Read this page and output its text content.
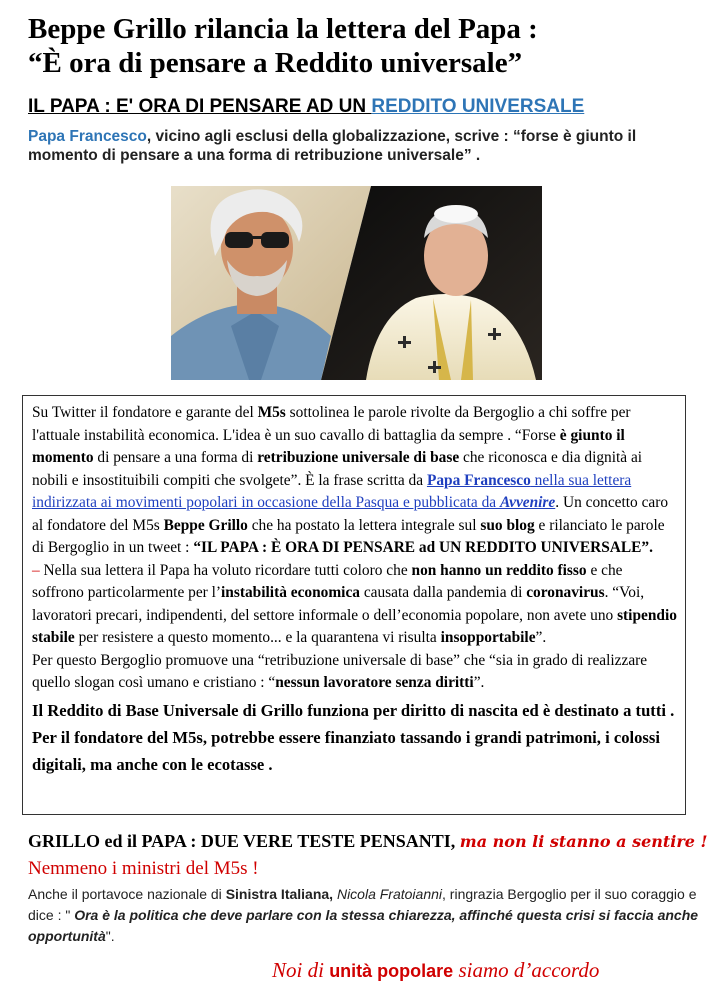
Beppe Grillo rilancia la lettera del Papa :
“È ora di pensare a Reddito universale”
IL PAPA : E' ORA DI PENSARE AD UN REDDITO UNIVERSALE
Papa Francesco, vicino agli esclusi della globalizzazione, scrive : “forse è giunto il momento di pensare a una forma di retribuzione universale” .

Su Twitter il fondatore e garante del M5s sottolinea le parole rivolte da Bergoglio a chi soffre per l'attuale instabilità economica. L'idea è un suo cavallo di battaglia da sempre . “Forse è giunto il momento di pensare a una forma di retribuzione universale di base che riconosca e dia dignità ai nobili e insostituibili compiti che svolgete”. È la frase scritta da Papa Francesco nella sua lettera indirizzata ai movimenti popolari in occasione della Pasqua e pubblicata da Avvenire. Un concetto caro al fondatore del M5s Beppe Grillo che ha postato la lettera integrale sul suo blog e rilanciato le parole di Bergoglio in un tweet : “IL PAPA : È ORA DI PENSARE ad UN REDDITO UNIVERSALE”.

– Nella sua lettera il Papa ha voluto ricordare tutti coloro che non hanno un reddito fisso e che soffrono particolarmente per l’instabilità economica causata dalla pandemia di coronavirus. “Voi, lavoratori precari, indipendenti, del settore informale o dell’economia popolare, non avete uno stipendio stabile per resistere a questo momento... e la quarantena vi risulta insopportabile”.

Per questo Bergoglio promuove una “retribuzione universale di base” che “sia in grado di realizzare quello slogan così umano e cristiano : “nessun lavoratore senza diritti”.

Il Reddito di Base Universale di Grillo funziona per diritto di nascita ed è destinato a tutti . Per il fondatore del M5s, potrebbe essere finanziato tassando i grandi patrimoni, i colossi digitali, ma anche con le ecotasse .

GRILLO ed il PAPA : DUE VERE TESTE PENSANTI, ma non li stanno a sentire ! Nemmeno i ministri del M5s !
Anche il portavoce nazionale di Sinistra Italiana, Nicola Fratoianni, ringrazia Bergoglio per il suo coraggio e dice : " Ora è la politica che deve parlare con la stessa chiarezza, affinché questa crisi si faccia anche opportunità".
Noi di unità popolare siamo d’accordo
